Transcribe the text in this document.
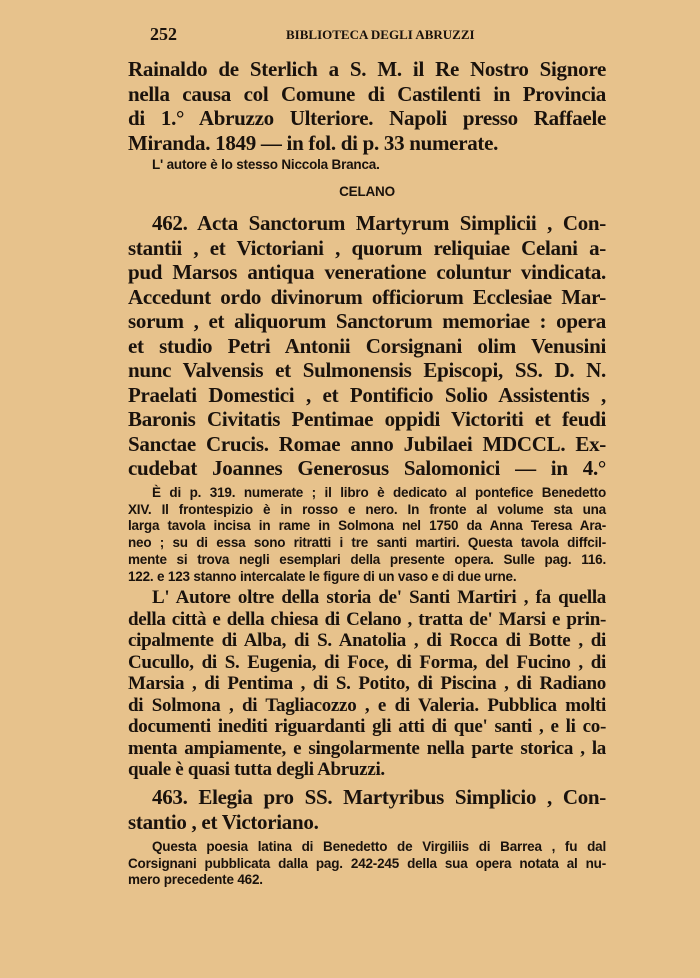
252	BIBLIOTECA DEGLI ABRUZZI
Rainaldo de Sterlich a S. M. il Re Nostro Signore
nella causa col Comune di Castilenti in Provincia
di 1.° Abruzzo Ulteriore. Napoli presso Raffaele
Miranda. 1849 — in fol. di p. 33 numerate.
L' autore è lo stesso Niccola Branca.
CELANO
462. Acta Sanctorum Martyrum Simplicii , Con-
stantii , et Victoriani , quorum reliquiae Celani a-
pud Marsos antiqua veneratione coluntur vindicata.
Accedunt ordo divinorum officiorum Ecclesiae Mar-
sorum , et aliquorum Sanctorum memoriae : opera
et studio Petri Antonii Corsignani olim Venusini
nunc Valvensis et Sulmonensis Episcopi, SS. D. N.
Praelati Domestici , et Pontificio Solio Assistentis ,
Baronis Civitatis Pentimae oppidi Victoriti et feudi
Sanctae Crucis. Romae anno Jubilaei MDCCL. Ex-
cudebat Joannes Generosus Salomonici — in 4.°
È di p. 319. numerate ; il libro è dedicato al pontefice Benedetto
XIV. Il frontespizio è in rosso e nero. In fronte al volume sta una
larga tavola incisa in rame in Solmona nel 1750 da Anna Teresa Ara-
neo ; su di essa sono ritratti i tre santi martiri. Questa tavola diffcil-
mente si trova negli esemplari della presente opera. Sulle pag. 116.
122. e 123 stanno intercalate le figure di un vaso e di due urne.
L' Autore oltre della storia de' Santi Martiri , fa quella
della città e della chiesa di Celano , tratta de' Marsi e prin-
cipalmente di Alba, di S. Anatolia , di Rocca di Botte , di
Cucullo, di S. Eugenia, di Foce, di Forma, del Fucino , di
Marsia , di Pentima , di S. Potito, di Piscina , di Radiano
di Solmona , di Tagliacozzo , e di Valeria. Pubblica molti
documenti inediti riguardanti gli atti di que' santi , e li co-
menta ampiamente, e singolarmente nella parte storica , la
quale è quasi tutta degli Abruzzi.
463. Elegia pro SS. Martyribus Simplicio , Con-
stantio , et Victoriano.
Questa poesia latina di Benedetto de Virgiliis di Barrea , fu dal
Corsignani pubblicata dalla pag. 242-245 della sua opera notata al nu-
mero precedente 462.
